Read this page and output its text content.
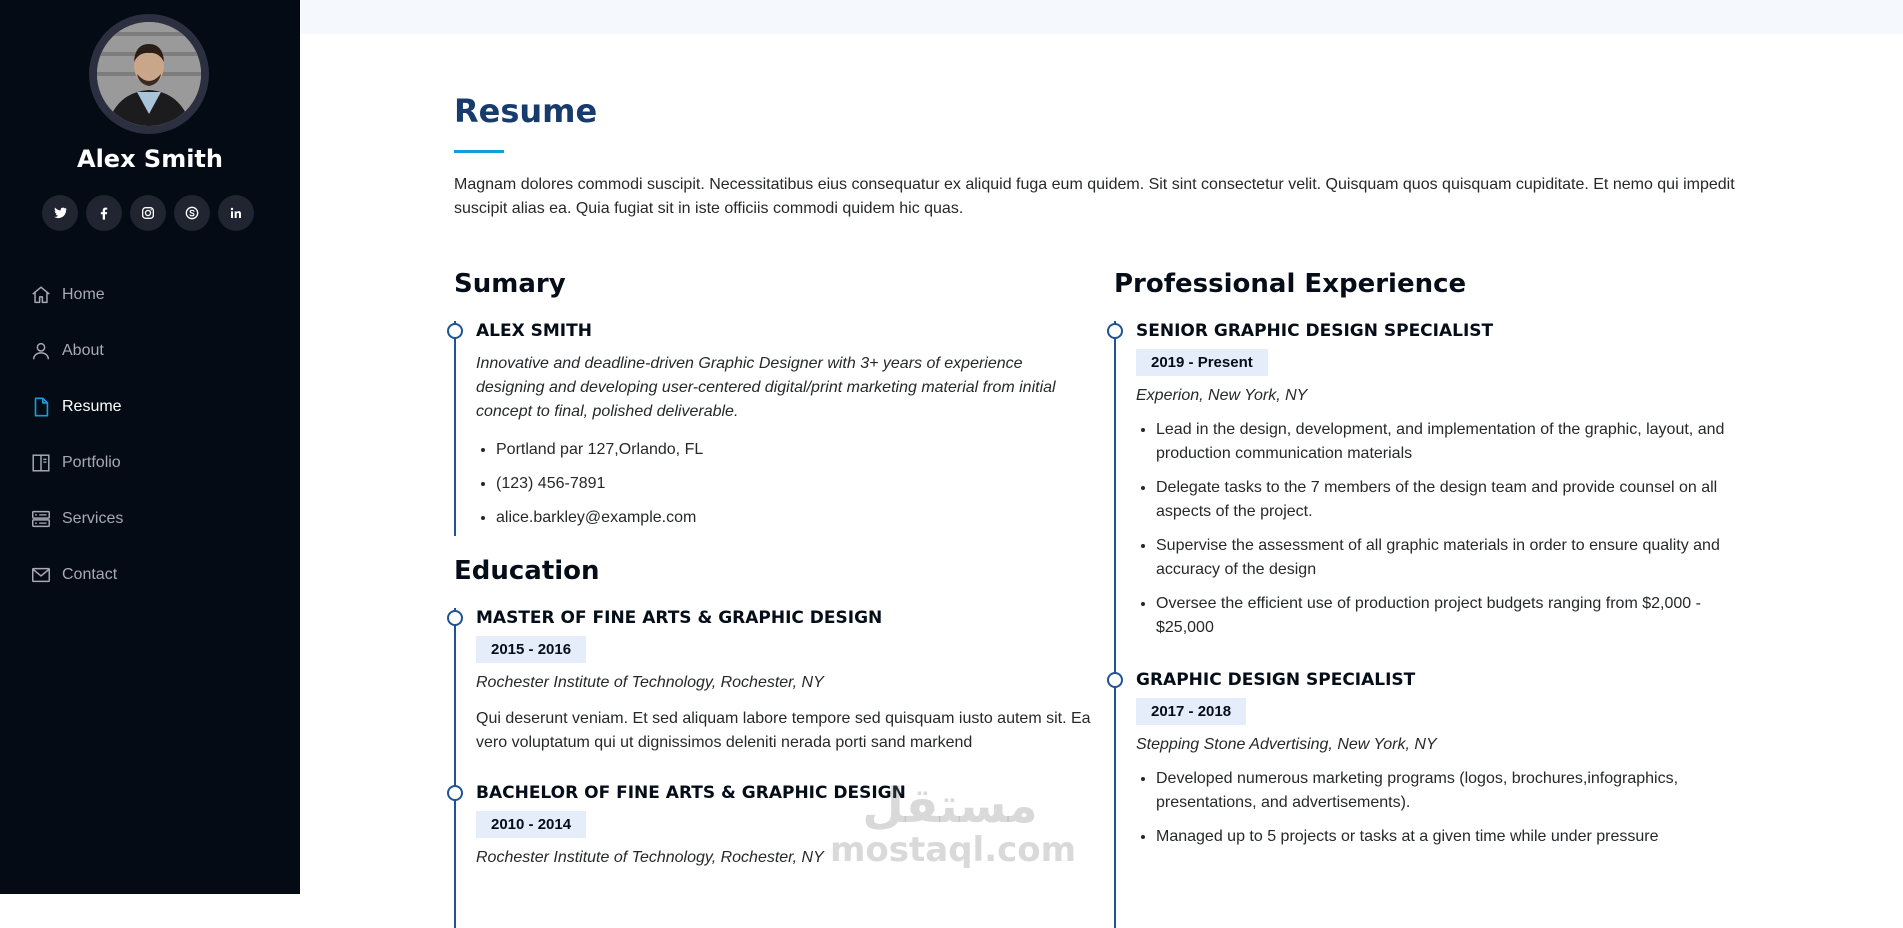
Alex Smith
Home
About
Resume
Portfolio
Services
Contact
Resume
Magnam dolores commodi suscipit. Necessitatibus eius consequatur ex aliquid fuga eum quidem. Sit sint consectetur velit. Quisquam quos quisquam cupiditate. Et nemo qui impedit suscipit alias ea. Quia fugiat sit in iste officiis commodi quidem hic quas.
Sumary
ALEX SMITH
Innovative and deadline-driven Graphic Designer with 3+ years of experience designing and developing user-centered digital/print marketing material from initial concept to final, polished deliverable.
• Portland par 127,Orlando, FL
• (123) 456-7891
• alice.barkley@example.com
Education
MASTER OF FINE ARTS & GRAPHIC DESIGN
2015 - 2016
Rochester Institute of Technology, Rochester, NY
Qui deserunt veniam. Et sed aliquam labore tempore sed quisquam iusto autem sit. Ea vero voluptatum qui ut dignissimos deleniti nerada porti sand markend
BACHELOR OF FINE ARTS & GRAPHIC DESIGN
2010 - 2014
Rochester Institute of Technology, Rochester, NY
Professional Experience
SENIOR GRAPHIC DESIGN SPECIALIST
2019 - Present
Experion, New York, NY
• Lead in the design, development, and implementation of the graphic, layout, and production communication materials
• Delegate tasks to the 7 members of the design team and provide counsel on all aspects of the project.
• Supervise the assessment of all graphic materials in order to ensure quality and accuracy of the design
• Oversee the efficient use of production project budgets ranging from $2,000 - $25,000
GRAPHIC DESIGN SPECIALIST
2017 - 2018
Stepping Stone Advertising, New York, NY
• Developed numerous marketing programs (logos, brochures,infographics, presentations, and advertisements).
• Managed up to 5 projects or tasks at a given time while under pressure
مستقل
mostaql.com
